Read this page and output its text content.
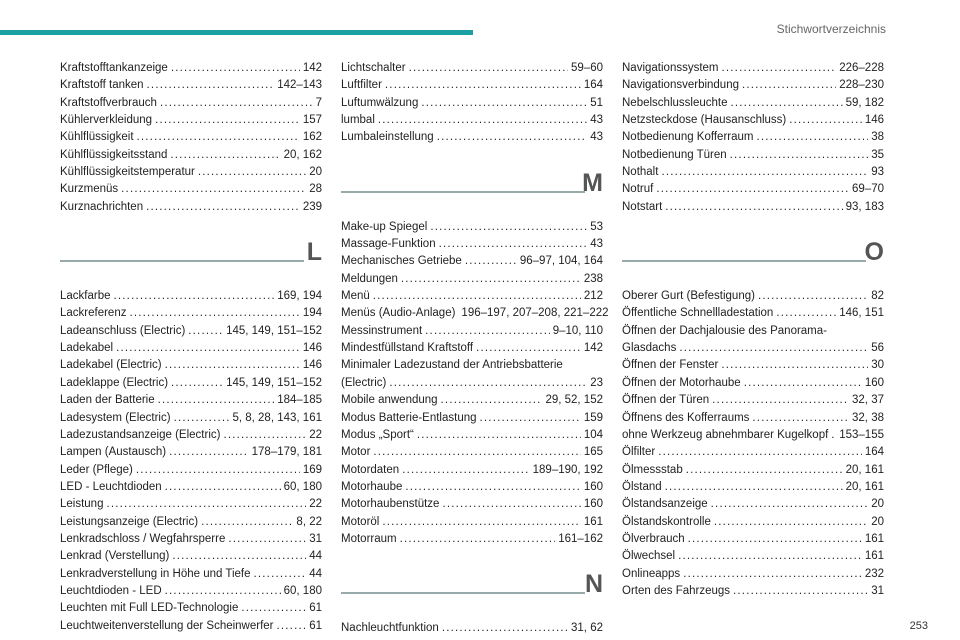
Stichwortverzeichnis
Kraftstofftankanzeige . . .	142
Kraftstoff tanken . . .	142–143
Kraftstoffverbrauch . . .	7
Kühlerverkleidung . . .	157
Kühlflüssigkeit . . .	162
Kühlflüssigkeitsstand . . .	20, 162
Kühlflüssigkeitstemperatur . . .	20
Kurzmenüs . . .	28
Kurznachrichten . . .	239
L
Lackfarbe . . .	169, 194
Lackreferenz . . .	194
Ladeanschluss (Electric) . . .	145, 149, 151–152
Ladekabel . . .	146
Ladekabel (Electric) . . .	146
Ladeklappe (Electric) . . .	145, 149, 151–152
Laden der Batterie . . .	184–185
Ladesystem (Electric) . . .	5, 8, 28, 143, 161
Ladezustandsanzeige (Electric) . . .	22
Lampen (Austausch) . . .	178–179, 181
Leder (Pflege) . . .	169
LED - Leuchtdioden . . .	60, 180
Leistung . . .	22
Leistungsanzeige (Electric) . . .	8, 22
Lenkradschloss / Wegfahrsperre . . .	31
Lenkrad (Verstellung) . . .	44
Lenkradverstellung in Höhe und Tiefe . . .	44
Leuchtdioden - LED . . .	60, 180
Leuchten mit Full LED-Technologie . . .	61
Leuchtweitenverstellung der Scheinwerfer . . .	61
Lichtschalter . . .	59–60
Luftfilter . . .	164
Luftumwälzung . . .	51
lumbal . . .	43
Lumbaleinstellung . . .	43
M
Make-up Spiegel . . .	53
Massage-Funktion . . .	43
Mechanisches Getriebe . . .	96–97, 104, 164
Meldungen . . .	238
Menü . . .	212
Menüs (Audio-Anlage) 196–197, 207–208, 221–222
Messinstrument . . .	9–10, 110
Mindestfüllstand Kraftstoff . . .	142
Minimaler Ladezustand der Antriebsbatterie
(Electric) . . .	23
Mobile anwendung . . .	29, 52, 152
Modus Batterie-Entlastung . . .	159
Modus „Sport“ . . .	104
Motor . . .	165
Motordaten . . .	189–190, 192
Motorhaube . . .	160
Motorhaubenstütze . . .	160
Motoröl . . .	161
Motorraum . . .	161–162
N
Nachleuchtfunktion . . .	31, 62
Navigationssystem . . .	226–228
Navigationsverbindung . . .	228–230
Nebelschlussleuchte . . .	59, 182
Netzsteckdose (Hausanschluss) . . .	146
Notbedienung Kofferraum . . .	38
Notbedienung Türen . . .	35
Nothalt . . .	93
Notruf . . .	69–70
Notstart . . .	93, 183
O
Oberer Gurt (Befestigung) . . .	82
Öffentliche Schnellladestation . . .	146, 151
Öffnen der Dachjalousie des Panorama-
Glasdachs . . .	56
Öffnen der Fenster . . .	30
Öffnen der Motorhaube . . .	160
Öffnen der Türen . . .	32, 37
Öffnens des Kofferraums . . .	32, 38
ohne Werkzeug abnehmbarer Kugelkopf . . . 153–155
Ölfilter . . .	164
Ölmessstab . . .	20, 161
Ölstand . . .	20, 161
Ölstandsanzeige . . .	20
Ölstandskontrolle . . .	20
Ölverbrauch . . .	161
Ölwechsel . . .	161
Onlineapps . . .	232
Orten des Fahrzeugs . . .	31
253
